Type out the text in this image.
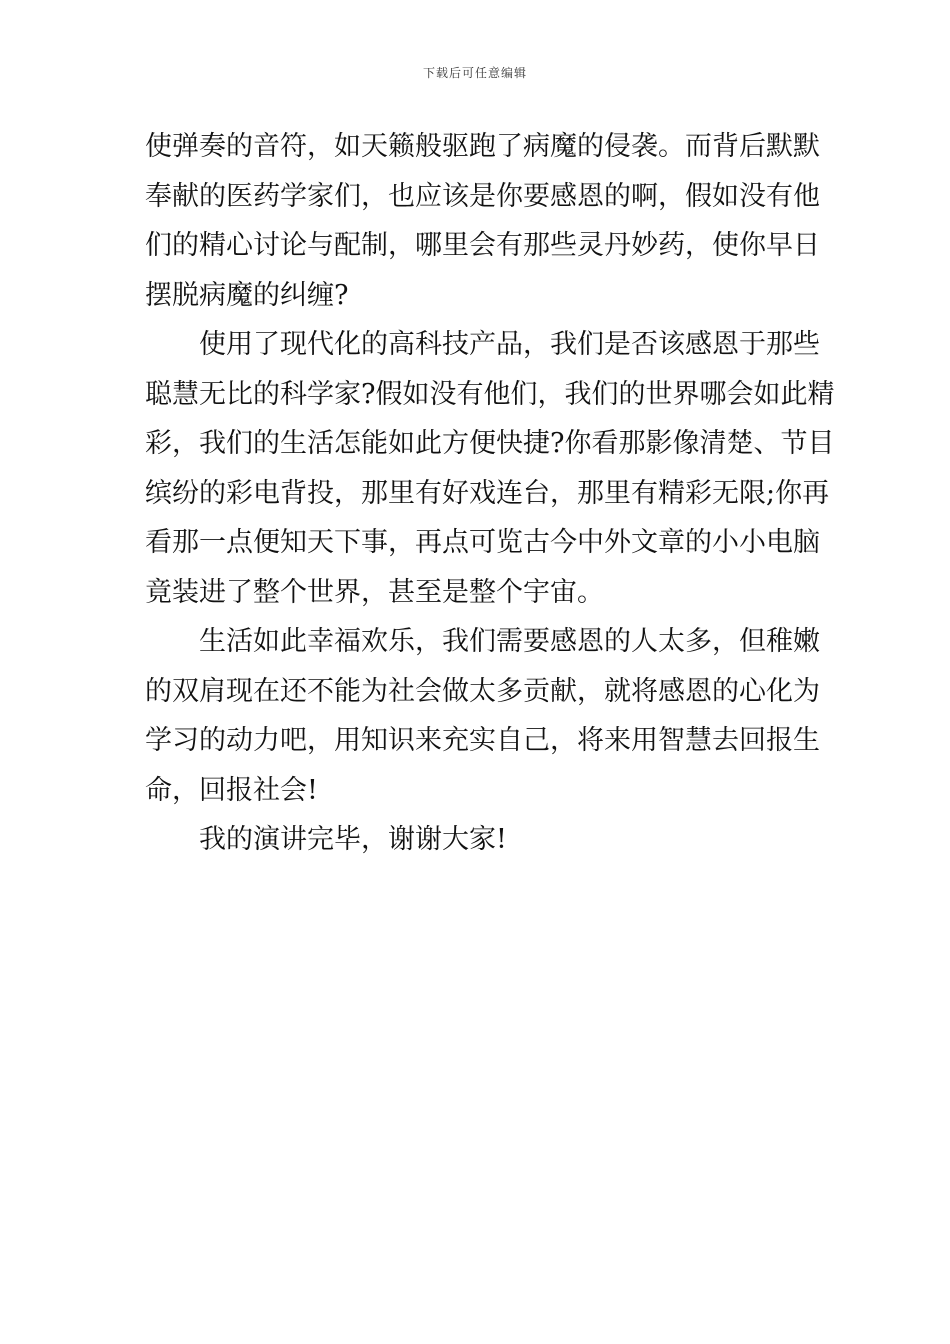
下载后可任意编辑
使弹奏的音符，如天籁般驱跑了病魔的侵袭。而背后默默
奉献的医药学家们，也应该是你要感恩的啊，假如没有他
们的精心讨论与配制，哪里会有那些灵丹妙药，使你早日
摆脱病魔的纠缠?
使用了现代化的高科技产品，我们是否该感恩于那些
聪慧无比的科学家?假如没有他们，我们的世界哪会如此精
彩，我们的生活怎能如此方便快捷?你看那影像清楚、节目
缤纷的彩电背投，那里有好戏连台，那里有精彩无限;你再
看那一点便知天下事，再点可览古今中外文章的小小电脑
竟装进了整个世界，甚至是整个宇宙。
生活如此幸福欢乐，我们需要感恩的人太多，但稚嫩
的双肩现在还不能为社会做太多贡献，就将感恩的心化为
学习的动力吧，用知识来充实自己，将来用智慧去回报生
命，回报社会!
我的演讲完毕，谢谢大家!
